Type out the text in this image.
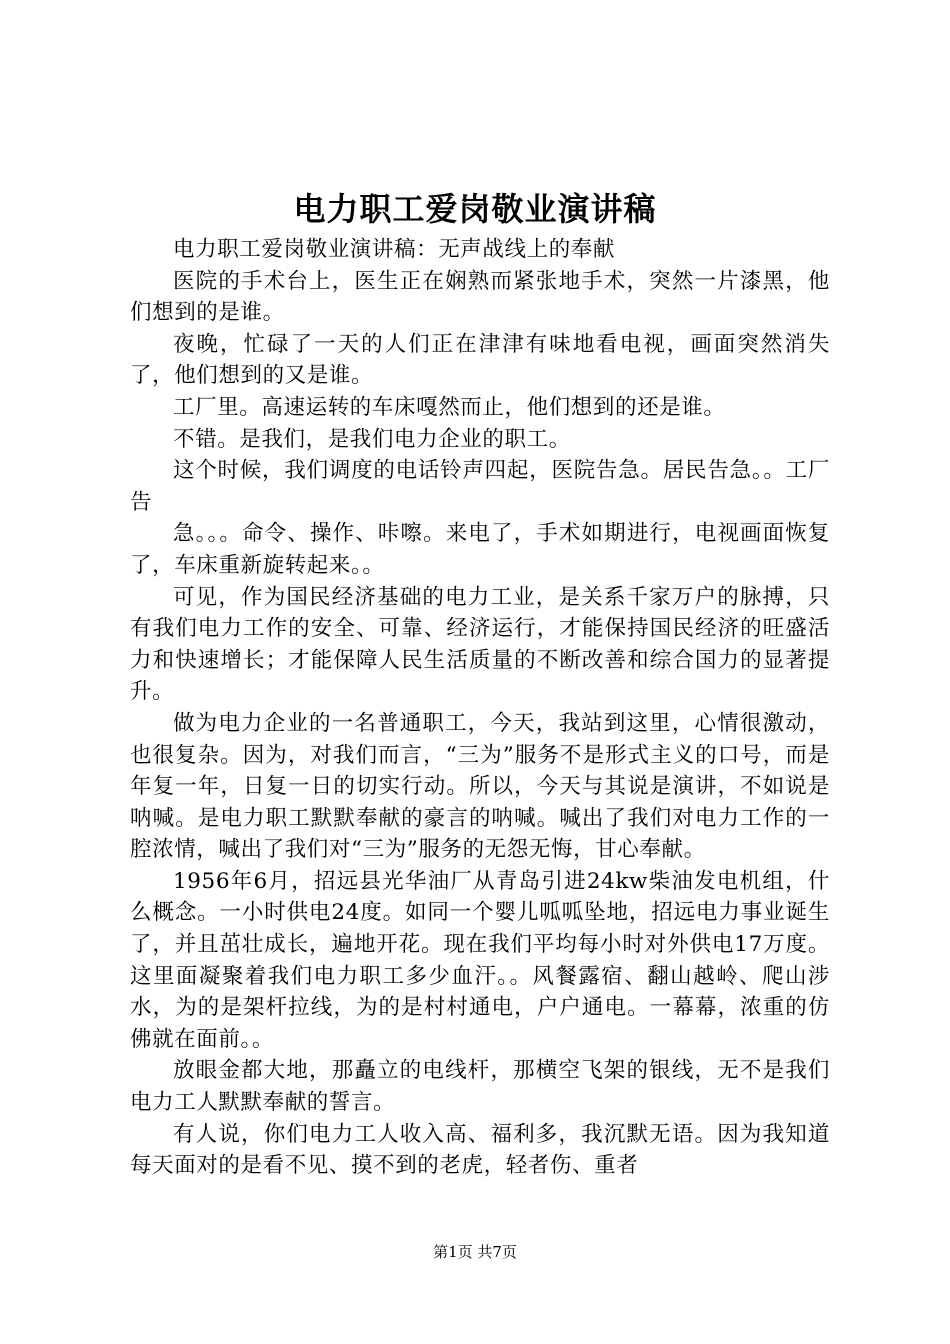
电力职工爱岗敬业演讲稿

电力职工爱岗敬业演讲稿：无声战线上的奉献

医院的手术台上，医生正在娴熟而紧张地手术，突然一片漆黑，他们想到的是谁。

夜晚，忙碌了一天的人们正在津津有味地看电视，画面突然消失了，他们想到的又是谁。

工厂里。高速运转的车床嘎然而止，他们想到的还是谁。

不错。是我们，是我们电力企业的职工。

这个时候，我们调度的电话铃声四起，医院告急。居民告急。。工厂告

急。。。命令、操作、咔嚓。来电了，手术如期进行，电视画面恢复了，车床重新旋转起来。。

可见，作为国民经济基础的电力工业，是关系千家万户的脉搏，只有我们电力工作的安全、可靠、经济运行，才能保持国民经济的旺盛活力和快速增长；才能保障人民生活质量的不断改善和综合国力的显著提升。

做为电力企业的一名普通职工，今天，我站到这里，心情很激动，也很复杂。因为，对我们而言，“三为”服务不是形式主义的口号，而是年复一年，日复一日的切实行动。所以，今天与其说是演讲，不如说是呐喊。是电力职工默默奉献的豪言的呐喊。喊出了我们对电力工作的一腔浓情，喊出了我们对“三为”服务的无怨无悔，甘心奉献。

1956年6月，招远县光华油厂从青岛引进24kw柴油发电机组，什么概念。一小时供电24度。如同一个婴儿呱呱坠地，招远电力事业诞生了，并且茁壮成长，遍地开花。现在我们平均每小时对外供电17万度。这里面凝聚着我们电力职工多少血汗。。风餐露宿、翻山越岭、爬山涉水，为的是架杆拉线，为的是村村通电，户户通电。一幕幕，浓重的仿佛就在面前。。

放眼金都大地，那矗立的电线杆，那横空飞架的银线，无不是我们电力工人默默奉献的誓言。

有人说，你们电力工人收入高、福利多，我沉默无语。因为我知道每天面对的是看不见、摸不到的老虎，轻者伤、重者

第1页 共7页
